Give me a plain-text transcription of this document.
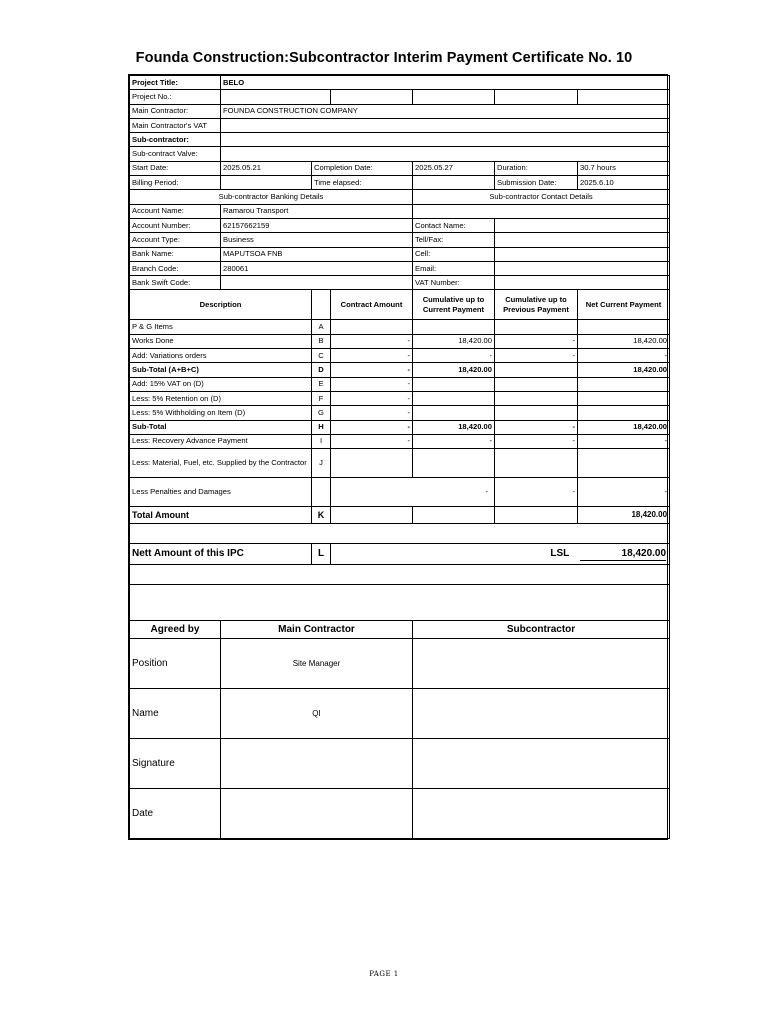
Founda Construction:Subcontractor Interim Payment Certificate No. 10
Project Title:	BELO					
Project No.:						
Main Contractor:	FOUNDA CONSTRUCTION COMPANY					
Main Contractor's VAT						
Sub-contractor:						
Sub-contract Valve:						
Start Date:	2025.05.21	Completion Date:		2025.05.27	Duration:	30.7 hours
Billing Period:		Time elapsed:			Submission Date:	2025.6.10
Sub-contractor Banking Details				Sub-contractor Contact Details		
Account Name:	Ramarou Transport					
Account Number:	62157662159			Contact Name:		
Account Type:	Business			Tell/Fax:		
Bank Name:	MAPUTSOA FNB			Cell:		
Branch Code:	280061			Email:		
Bank Swift Code:				VAT Number:		
Description			Contract Amount	Cumulative up to Current Payment	Cumulative up to Previous Payment	Net Current Payment
P & G Items		A				
Works Done		B	-	18,420.00	-	18,420.00
Add: Variations orders		C	-	-	-	-
Sub-Total (A+B+C)		D	-	18,420.00		18,420.00
Add: 15% VAT on (D)		E	-			
Less: 5% Retention on (D)		F	-			
Less: 5% Withholding on Item (D)		G	-			
Sub-Total		H	-	18,420.00	-	18,420.00
Less: Recovery Advance Payment		I	-	-	-	-
Less: Material, Fuel, etc. Supplied by the Contractor		J				
Less Penalties and Damages			-		-	-
Total Amount		K				18,420.00

Nett Amount of this IPC		L	LSL 18,420.00			

Agreed by	Main Contractor			Subcontractor		
Position	Site Manager					
Name	QI					
Signature						
Date						
PAGE 1
